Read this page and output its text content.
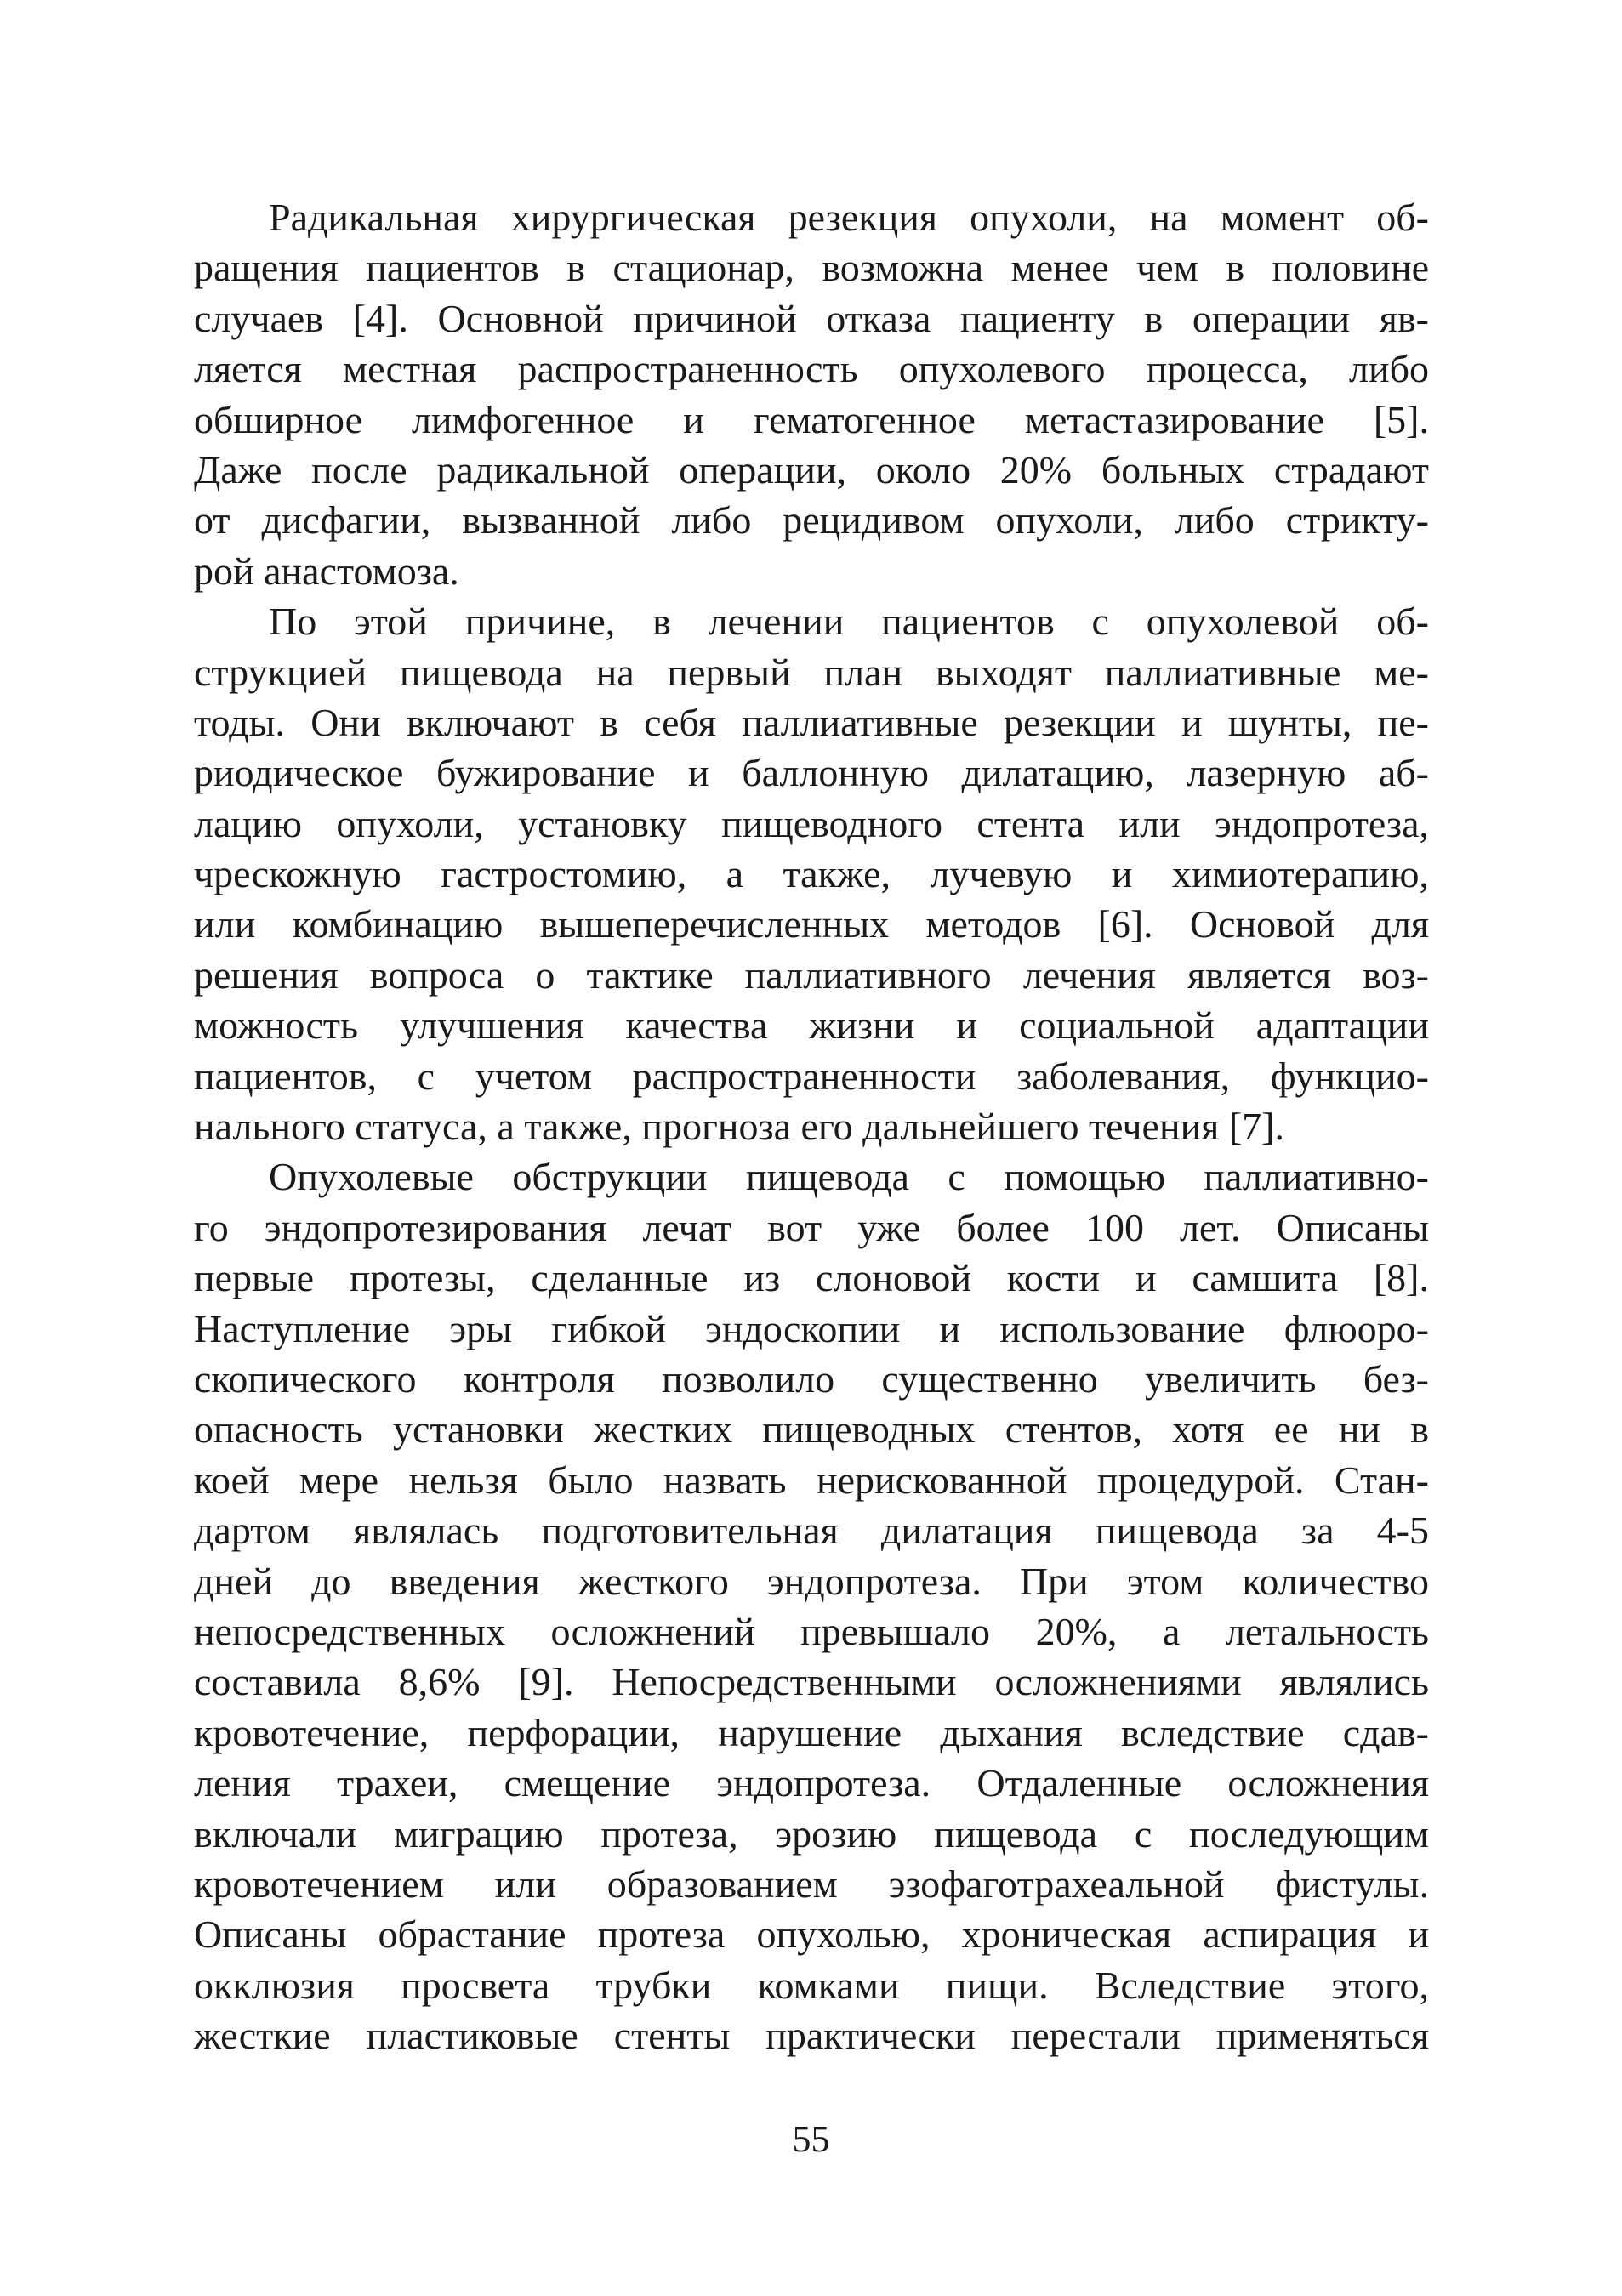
Радикальная хирургическая резекция опухоли, на момент об-
ращения пациентов в стационар, возможна менее чем в половине
случаев [4]. Основной причиной отказа пациенту в операции яв-
ляется местная распространенность опухолевого процесса, либо
обширное лимфогенное и гематогенное метастазирование [5].
Даже после радикальной операции, около 20% больных страдают
от дисфагии, вызванной либо рецидивом опухоли, либо стрикту-
рой анастомоза.

По этой причине, в лечении пациентов с опухолевой об-
струкцией пищевода на первый план выходят паллиативные ме-
тоды. Они включают в себя паллиативные резекции и шунты, пе-
риодическое бужирование и баллонную дилатацию, лазерную аб-
лацию опухоли, установку пищеводного стента или эндопротеза,
чрескожную гастростомию, а также, лучевую и химиотерапию,
или комбинацию вышеперечисленных методов [6]. Основой для
решения вопроса о тактике паллиативного лечения является воз-
можность улучшения качества жизни и социальной адаптации
пациентов, с учетом распространенности заболевания, функцио-
нального статуса, а также, прогноза его дальнейшего течения [7].

Опухолевые обструкции пищевода с помощью паллиативно-
го эндопротезирования лечат вот уже более 100 лет. Описаны
первые протезы, сделанные из слоновой кости и самшита [8].
Наступление эры гибкой эндоскопии и использование флюоро-
скопического контроля позволило существенно увеличить без-
опасность установки жестких пищеводных стентов, хотя ее ни в
коей мере нельзя было назвать нерискованной процедурой. Стан-
дартом являлась подготовительная дилатация пищевода за 4-5
дней до введения жесткого эндопротеза. При этом количество
непосредственных осложнений превышало 20%, а летальность
составила 8,6% [9]. Непосредственными осложнениями являлись
кровотечение, перфорации, нарушение дыхания вследствие сдав-
ления трахеи, смещение эндопротеза. Отдаленные осложнения
включали миграцию протеза, эрозию пищевода с последующим
кровотечением или образованием эзофаготрахеальной фистулы.
Описаны обрастание протеза опухолью, хроническая аспирация и
окклюзия просвета трубки комками пищи. Вследствие этого,
жесткие пластиковые стенты практически перестали применяться

55
